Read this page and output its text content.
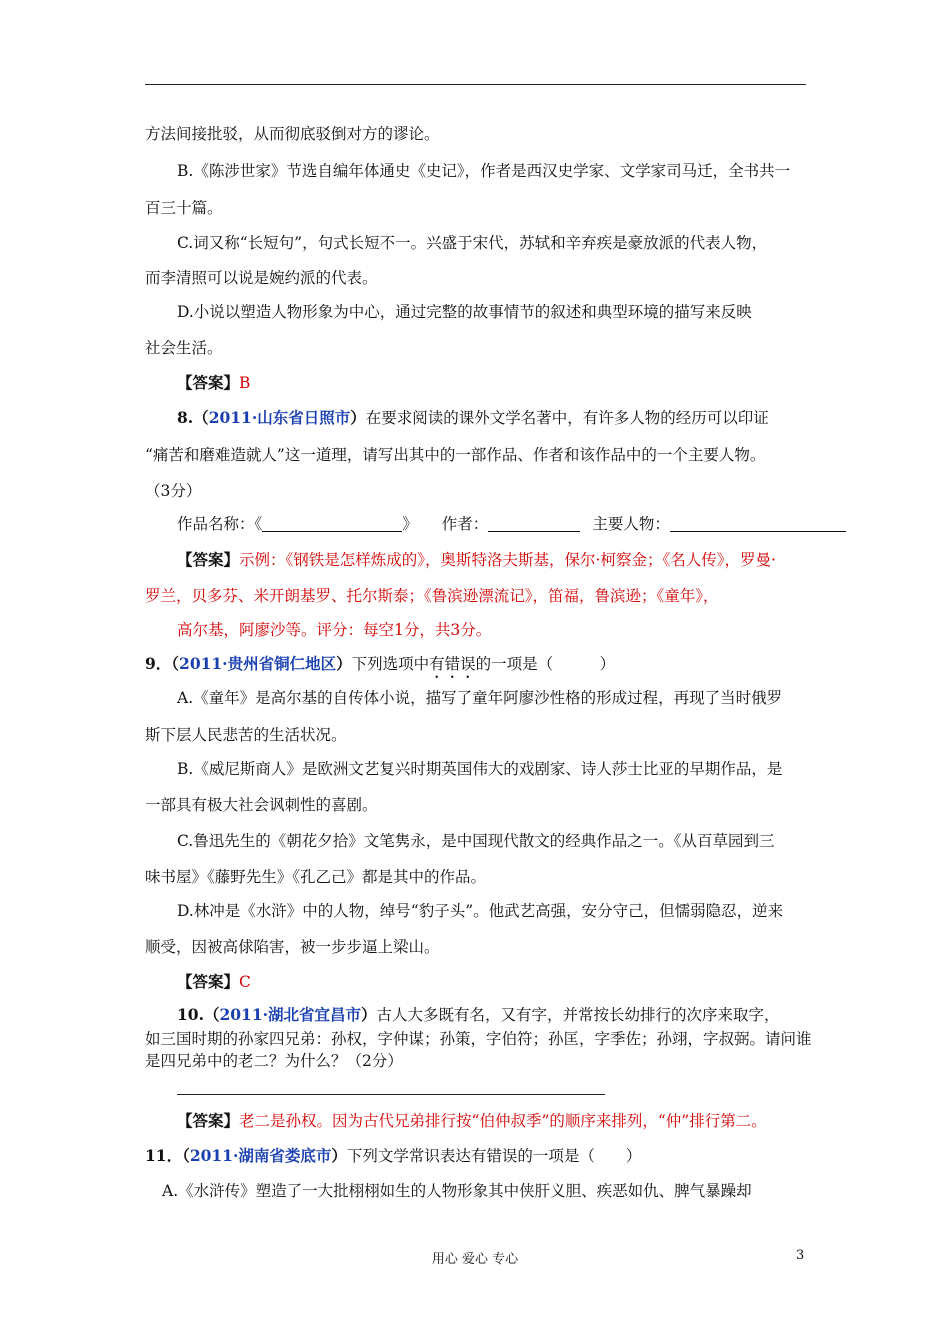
方法间接批驳，从而彻底驳倒对方的谬论。
B.《陈涉世家》节选自编年体通史《史记》，作者是西汉史学家、文学家司马迁，全书共一
百三十篇。
C.词又称“长短句”，句式长短不一。兴盛于宋代，苏轼和辛弃疾是豪放派的代表人物，
而李清照可以说是婉约派的代表。
D.小说以塑造人物形象为中心，通过完整的故事情节的叙述和典型环境的描写来反映
社会生活。
【答案】B
8.（2011·山东省日照市）在要求阅读的课外文学名著中，有许多人物的经历可以印证
“痛苦和磨难造就人”这一道理，请写出其中的一部作品、作者和该作品中的一个主要人物。
（3分）
作品名称：《	》 作者：	主要人物：
【答案】示例：《钢铁是怎样炼成的》，奥斯特洛夫斯基，保尔·柯察金；《名人传》，罗曼·
罗兰，贝多芬、米开朗基罗、托尔斯泰；《鲁滨逊漂流记》，笛福，鲁滨逊；《童年》，
高尔基，阿廖沙等。评分：每空1分，共3分。
9．（2011·贵州省铜仁地区）下列选项中有错误的一项是（　　　）
A.《童年》是高尔基的自传体小说，描写了童年阿廖沙性格的形成过程，再现了当时俄罗
斯下层人民悲苦的生活状况。
B.《威尼斯商人》是欧洲文艺复兴时期英国伟大的戏剧家、诗人莎士比亚的早期作品，是
一部具有极大社会讽刺性的喜剧。
C.鲁迅先生的《朝花夕拾》文笔隽永，是中国现代散文的经典作品之一。《从百草园到三
味书屋》《藤野先生》《孔乙己》都是其中的作品。
D.林冲是《水浒》中的人物，绰号“豹子头”。他武艺高强，安分守己，但懦弱隐忍，逆来
顺受，因被高俅陷害，被一步步逼上梁山。
【答案】C
10.（2011·湖北省宜昌市）古人大多既有名，又有字，并常按长幼排行的次序来取字，
如三国时期的孙家四兄弟：孙权，字仲谋；孙策，字伯符；孙匡，字季佐；孙翊，字叔弼。请问谁
是四兄弟中的老二？为什么？（2分）
【答案】老二是孙权。因为古代兄弟排行按“伯仲叔季”的顺序来排列，“仲”排行第二。
11．（2011·湖南省娄底市）下列文学常识表达有错误的一项是（　　）
A.《水浒传》塑造了一大批栩栩如生的人物形象其中侠肝义胆、疾恶如仇、脾气暴躁却
用心 爱心 专心	3
